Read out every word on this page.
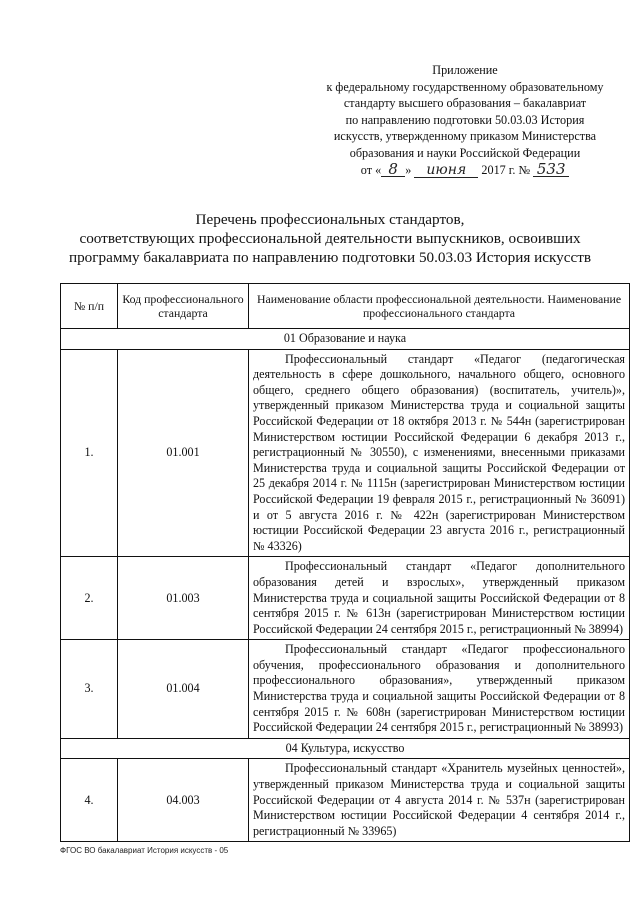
Приложение
к федеральному государственному образовательному
стандарту высшего образования – бакалавриат
по направлению подготовки 50.03.03 История
искусств, утвержденному приказом Министерства
образования и науки Российской Федерации
от « 8 » июня 2017 г. № 533
Перечень профессиональных стандартов,
соответствующих профессиональной деятельности выпускников, освоивших
программу бакалавриата по направлению подготовки 50.03.03 История искусств
№ п/п	Код профессионального стандарта	Наименование области профессиональной деятельности. Наименование профессионального стандарта
01 Образование и наука		
1.	01.001	Профессиональный стандарт «Педагог (педагогическая деятельность в сфере дошкольного, начального общего, основного общего, среднего общего образования) (воспитатель, учитель)», утвержденный приказом Министерства труда и социальной защиты Российской Федерации от 18 октября 2013 г. № 544н (зарегистрирован Министерством юстиции Российской Федерации 6 декабря 2013 г., регистрационный № 30550), с изменениями, внесенными приказами Министерства труда и социальной защиты Российской Федерации от 25 декабря 2014 г. № 1115н (зарегистрирован Министерством юстиции Российской Федерации 19 февраля 2015 г., регистрационный № 36091) и от 5 августа 2016 г. № 422н (зарегистрирован Министерством юстиции Российской Федерации 23 августа 2016 г., регистрационный № 43326)
2.	01.003	Профессиональный стандарт «Педагог дополнительного образования детей и взрослых», утвержденный приказом Министерства труда и социальной защиты Российской Федерации от 8 сентября 2015 г. № 613н (зарегистрирован Министерством юстиции Российской Федерации 24 сентября 2015 г., регистрационный № 38994)
3.	01.004	Профессиональный стандарт «Педагог профессионального обучения, профессионального образования и дополнительного профессионального образования», утвержденный приказом Министерства труда и социальной защиты Российской Федерации от 8 сентября 2015 г. № 608н (зарегистрирован Министерством юстиции Российской Федерации 24 сентября 2015 г., регистрационный № 38993)
04 Культура, искусство		
4.	04.003	Профессиональный стандарт «Хранитель музейных ценностей», утвержденный приказом Министерства труда и социальной защиты Российской Федерации от 4 августа 2014 г. № 537н (зарегистрирован Министерством юстиции Российской Федерации 4 сентября 2014 г., регистрационный № 33965)
ФГОС ВО бакалавриат История искусств - 05
